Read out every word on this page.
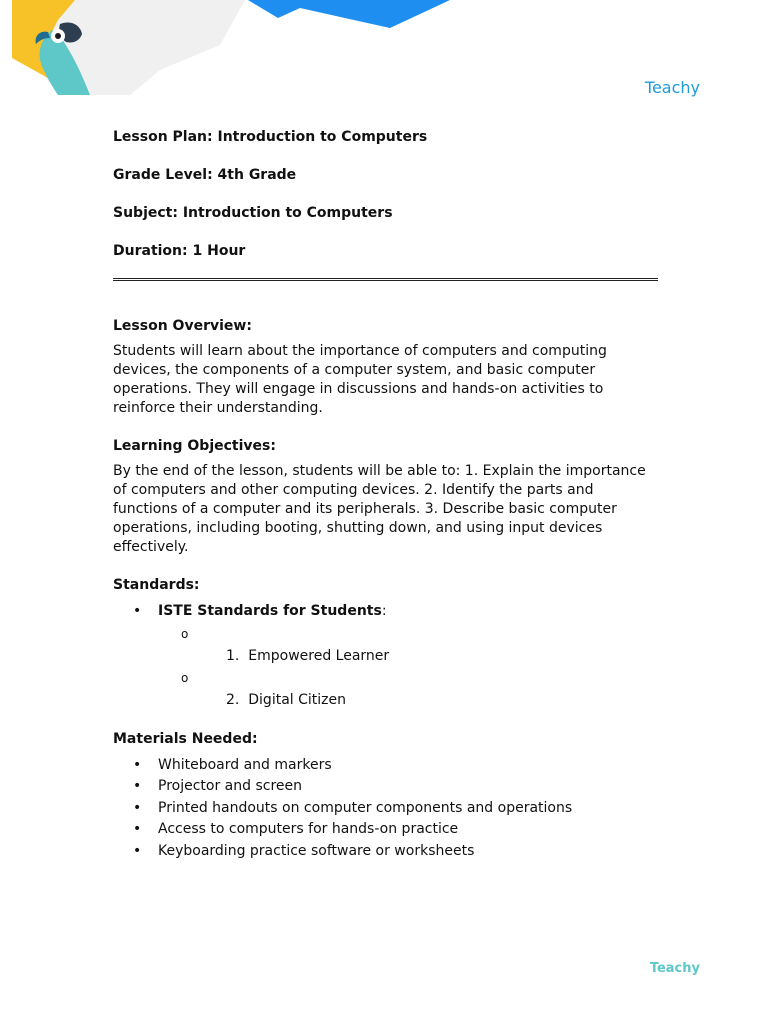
Teachy
Lesson Plan: Introduction to Computers
Grade Level: 4th Grade
Subject: Introduction to Computers
Duration: 1 Hour
Lesson Overview:

Students will learn about the importance of computers and computing devices, the components of a computer system, and basic computer operations. They will engage in discussions and hands-on activities to reinforce their understanding.

Learning Objectives:

By the end of the lesson, students will be able to: 1. Explain the importance of computers and other computing devices. 2. Identify the parts and functions of a computer and its peripherals. 3. Describe basic computer operations, including booting, shutting down, and using input devices effectively.

Standards:
• ISTE Standards for Students:
o
1. Empowered Learner
o
2. Digital Citizen
Materials Needed:
• Whiteboard and markers
• Projector and screen
• Printed handouts on computer components and operations
• Access to computers for hands-on practice
• Keyboarding practice software or worksheets
Teachy
